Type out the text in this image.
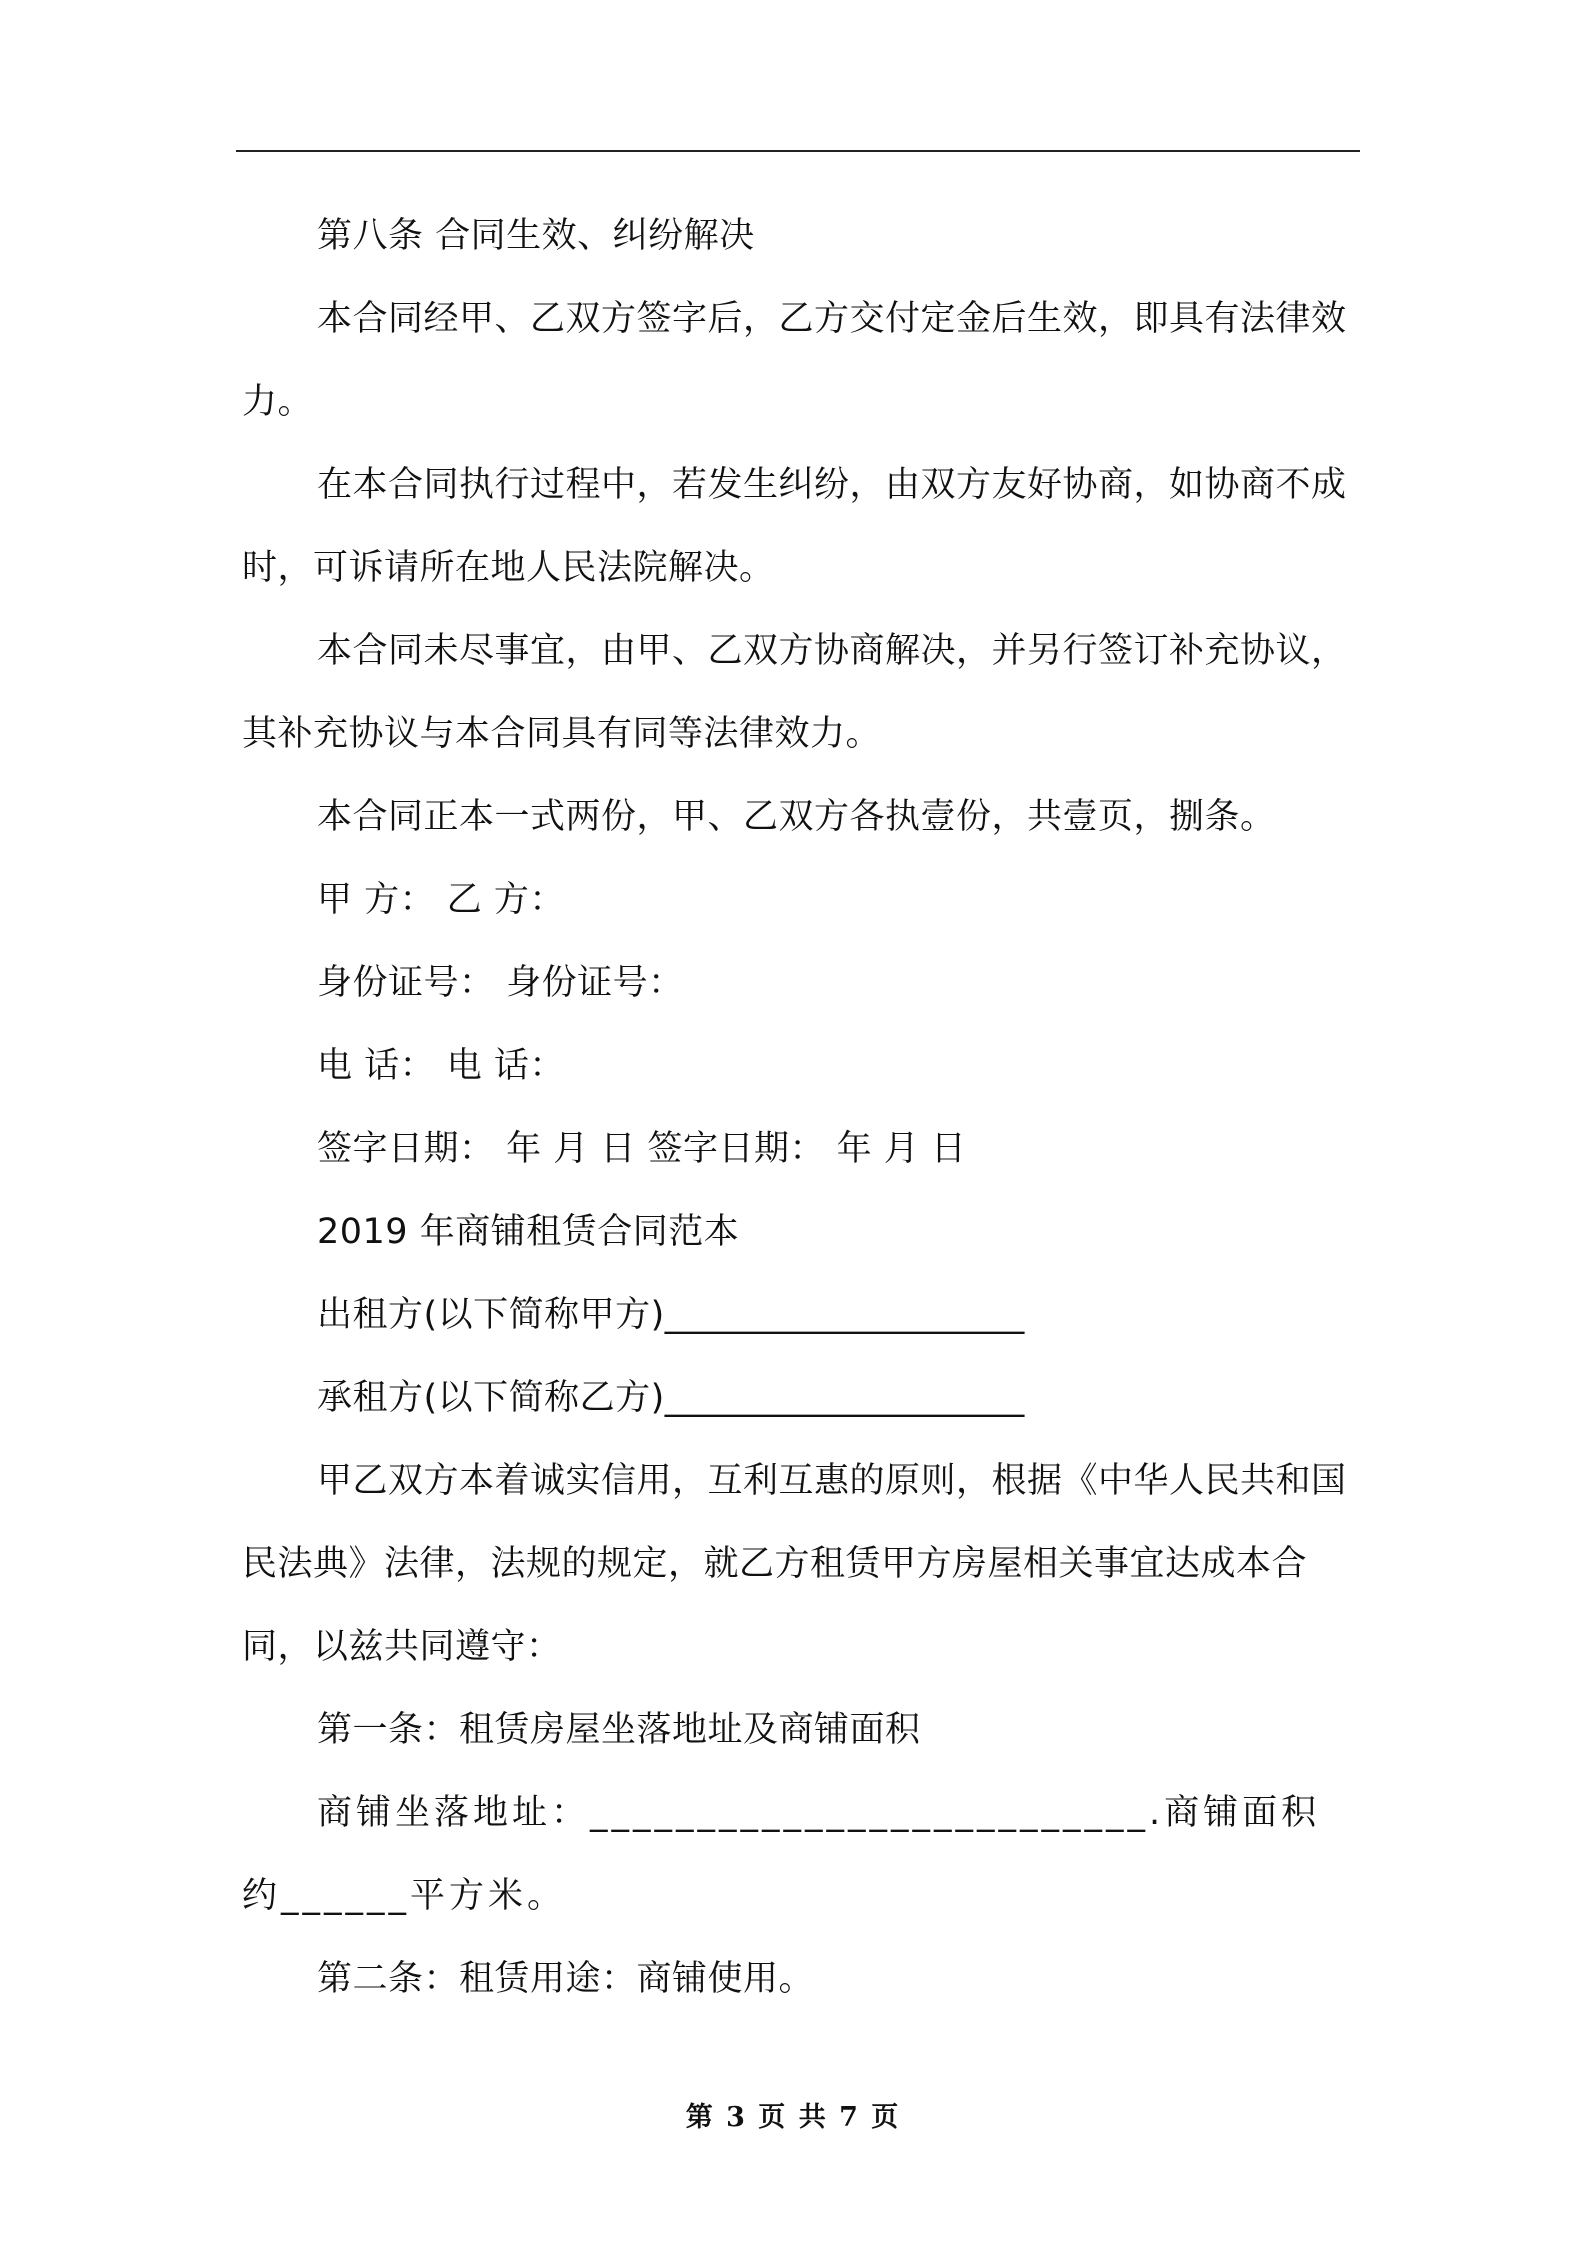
第八条 合同生效、纠纷解决

本合同经甲、乙双方签字后，乙方交付定金后生效，即具有法律效力。

在本合同执行过程中，若发生纠纷，由双方友好协商，如协商不成时，可诉请所在地人民法院解决。

本合同未尽事宜，由甲、乙双方协商解决，并另行签订补充协议，其补充协议与本合同具有同等法律效力。

本合同正本一式两份，甲、乙双方各执壹份，共壹页，捌条。

甲 方： 乙 方：

身份证号： 身份证号：

电 话： 电 话：

签字日期： 年 月 日 签字日期： 年 月 日

2019 年商铺租赁合同范本

出租方(以下简称甲方)____________________

承租方(以下简称乙方)____________________

甲乙双方本着诚实信用，互利互惠的原则，根据《中华人民共和国民法典》法律，法规的规定，就乙方租赁甲方房屋相关事宜达成本合同，以兹共同遵守：

第一条：租赁房屋坐落地址及商铺面积

商铺坐落地址：__________________________.商铺面积约______平方米。

第二条：租赁用途：商铺使用。

第 3 页 共 7 页
